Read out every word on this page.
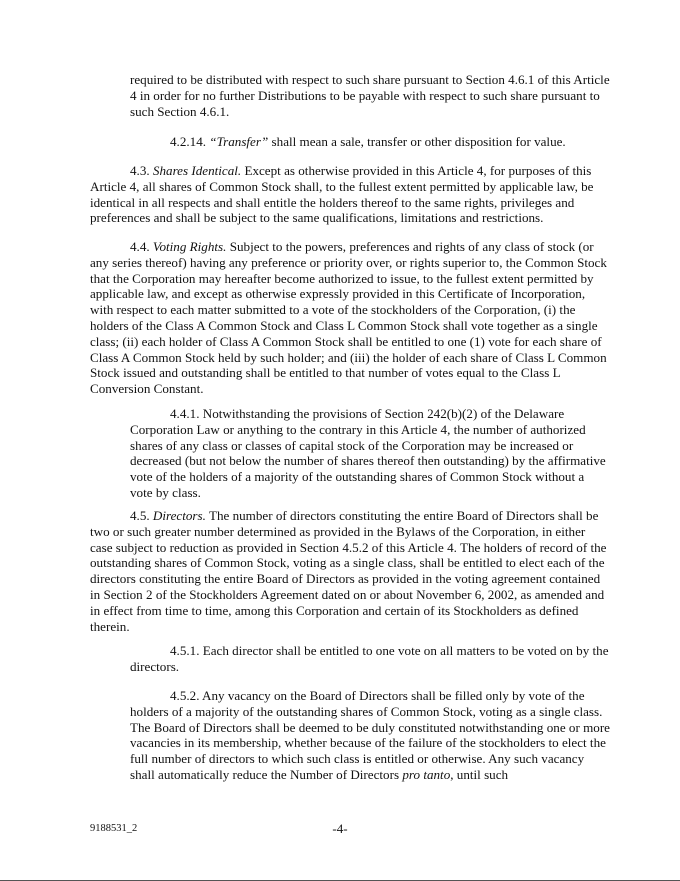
required to be distributed with respect to such share pursuant to Section 4.6.1 of this Article 4 in order for no further Distributions to be payable with respect to such share pursuant to such Section 4.6.1.

4.2.14. “Transfer” shall mean a sale, transfer or other disposition for value.

4.3. Shares Identical. Except as otherwise provided in this Article 4, for purposes of this Article 4, all shares of Common Stock shall, to the fullest extent permitted by applicable law, be identical in all respects and shall entitle the holders thereof to the same rights, privileges and preferences and shall be subject to the same qualifications, limitations and restrictions.

4.4. Voting Rights. Subject to the powers, preferences and rights of any class of stock (or any series thereof) having any preference or priority over, or rights superior to, the Common Stock that the Corporation may hereafter become authorized to issue, to the fullest extent permitted by applicable law, and except as otherwise expressly provided in this Certificate of Incorporation, with respect to each matter submitted to a vote of the stockholders of the Corporation, (i) the holders of the Class A Common Stock and Class L Common Stock shall vote together as a single class; (ii) each holder of Class A Common Stock shall be entitled to one (1) vote for each share of Class A Common Stock held by such holder; and (iii) the holder of each share of Class L Common Stock issued and outstanding shall be entitled to that number of votes equal to the Class L Conversion Constant.

4.4.1. Notwithstanding the provisions of Section 242(b)(2) of the Delaware Corporation Law or anything to the contrary in this Article 4, the number of authorized shares of any class or classes of capital stock of the Corporation may be increased or decreased (but not below the number of shares thereof then outstanding) by the affirmative vote of the holders of a majority of the outstanding shares of Common Stock without a vote by class.

4.5. Directors. The number of directors constituting the entire Board of Directors shall be two or such greater number determined as provided in the Bylaws of the Corporation, in either case subject to reduction as provided in Section 4.5.2 of this Article 4. The holders of record of the outstanding shares of Common Stock, voting as a single class, shall be entitled to elect each of the directors constituting the entire Board of Directors as provided in the voting agreement contained in Section 2 of the Stockholders Agreement dated on or about November 6, 2002, as amended and in effect from time to time, among this Corporation and certain of its Stockholders as defined therein.

4.5.1. Each director shall be entitled to one vote on all matters to be voted on by the directors.

4.5.2. Any vacancy on the Board of Directors shall be filled only by vote of the holders of a majority of the outstanding shares of Common Stock, voting as a single class. The Board of Directors shall be deemed to be duly constituted notwithstanding one or more vacancies in its membership, whether because of the failure of the stockholders to elect the full number of directors to which such class is entitled or otherwise. Any such vacancy shall automatically reduce the Number of Directors pro tanto, until such

9188531_2	-4-
